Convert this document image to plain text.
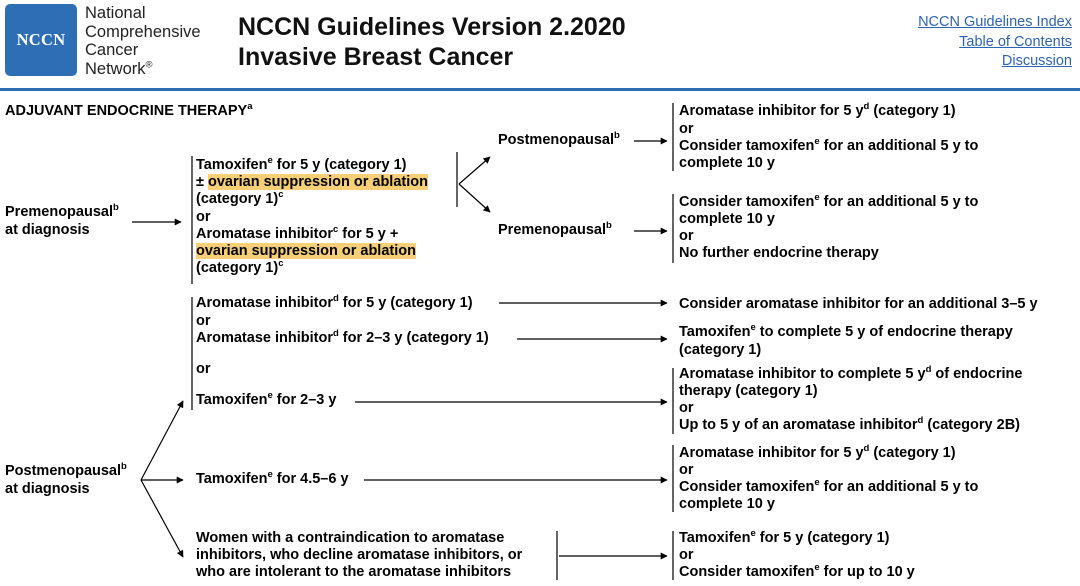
NCCN
National
Comprehensive
Cancer
Network®
NCCN Guidelines Version 2.2020
Invasive Breast Cancer
NCCN Guidelines Index
Table of Contents
Discussion
ADJUVANT ENDOCRINE THERAPY$^a$
Premenopausal$^b$
at diagnosis
Tamoxifen$^e$ for 5 y (category 1)
± ovarian suppression or ablation
(category 1)$^c$
or
Aromatase inhibitor$^c$ for 5 y +
ovarian suppression or ablation
(category 1)$^c$
Postmenopausal$^b$
Premenopausal$^b$
Aromatase inhibitor for 5 $y^d$ (category 1)
or
Consider tamoxifen$^e$ for an additional 5 y to
complete 10 y
Consider tamoxifen$^e$ for an additional 5 y to
complete 10 y
or
No further endocrine therapy
Postmenopausal$^b$
at diagnosis
Aromatase inhibitor$^d$ for 5 y (category 1)
or
Aromatase inhibitor$^d$ for 2–3 y (category 1)
or
Tamoxifen$^e$ for 2–3 y
Consider aromatase inhibitor for an additional 3–5 y
Tamoxifen$^e$ to complete 5 y of endocrine therapy
(category 1)
Aromatase inhibitor to complete 5 $y^d$ of endocrine
therapy (category 1)
or
Up to 5 y of an aromatase inhibitor$^d$ (category 2B)
Tamoxifen$^e$ for 4.5–6 y
Aromatase inhibitor for 5 $y^d$ (category 1)
or
Consider tamoxifen$^e$ for an additional 5 y to
complete 10 y
Women with a contraindication to aromatase
inhibitors, who decline aromatase inhibitors, or
who are intolerant to the aromatase inhibitors
Tamoxifen$^e$ for 5 y (category 1)
or
Consider tamoxifen$^e$ for up to 10 y
